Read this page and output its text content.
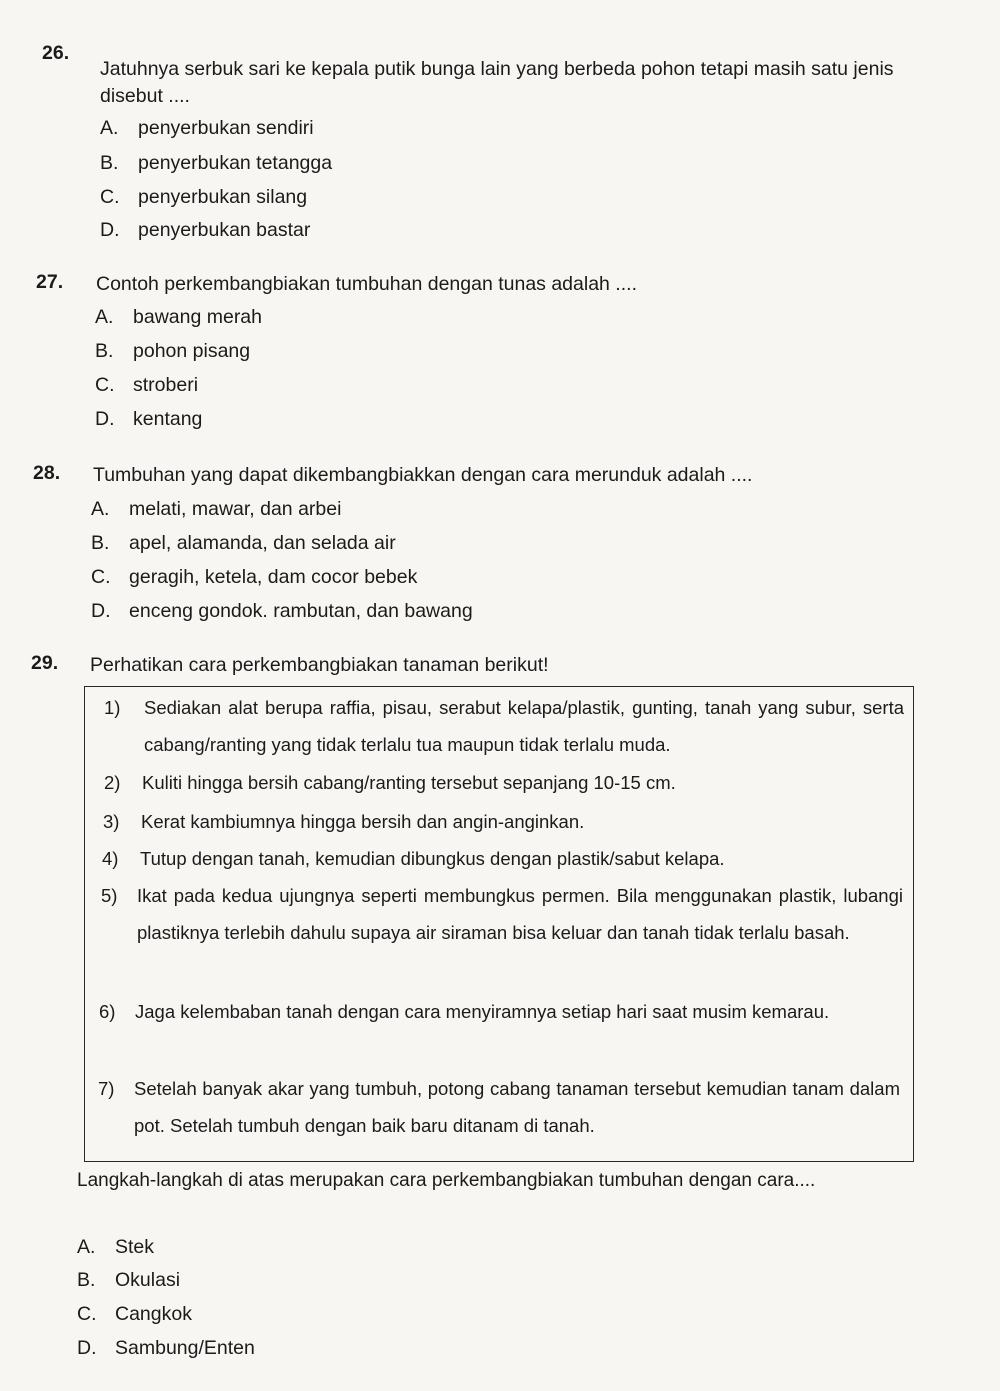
26.
Jatuhnya serbuk sari ke kepala putik bunga lain yang berbeda pohon tetapi masih satu jenis disebut ....
A. penyerbukan sendiri
B. penyerbukan tetangga
C. penyerbukan silang
D. penyerbukan bastar
27. Contoh perkembangbiakan tumbuhan dengan tunas adalah ....
A. bawang merah
B. pohon pisang
C. stroberi
D. kentang
28. Tumbuhan yang dapat dikembangbiakkan dengan cara merunduk adalah ....
A. melati, mawar, dan arbei
B. apel, alamanda, dan selada air
C. geragih, ketela, dam cocor bebek
D. enceng gondok. rambutan, dan bawang
29. Perhatikan cara perkembangbiakan tanaman berikut!
1) Sediakan alat berupa raffia, pisau, serabut kelapa/plastik, gunting, tanah yang subur, serta cabang/ranting yang tidak terlalu tua maupun tidak terlalu muda.
2) Kuliti hingga bersih cabang/ranting tersebut sepanjang 10-15 cm.
3) Kerat kambiumnya hingga bersih dan angin-anginkan.
4) Tutup dengan tanah, kemudian dibungkus dengan plastik/sabut kelapa.
5) Ikat pada kedua ujungnya seperti membungkus permen. Bila menggunakan plastik, lubangi plastiknya terlebih dahulu supaya air siraman bisa keluar dan tanah tidak terlalu basah.
6) Jaga kelembaban tanah dengan cara menyiramnya setiap hari saat musim kemarau.
7) Setelah banyak akar yang tumbuh, potong cabang tanaman tersebut kemudian tanam dalam pot. Setelah tumbuh dengan baik baru ditanam di tanah.
Langkah-langkah di atas merupakan cara perkembangbiakan tumbuhan dengan cara....
A. Stek
B. Okulasi
C. Cangkok
D. Sambung/Enten
